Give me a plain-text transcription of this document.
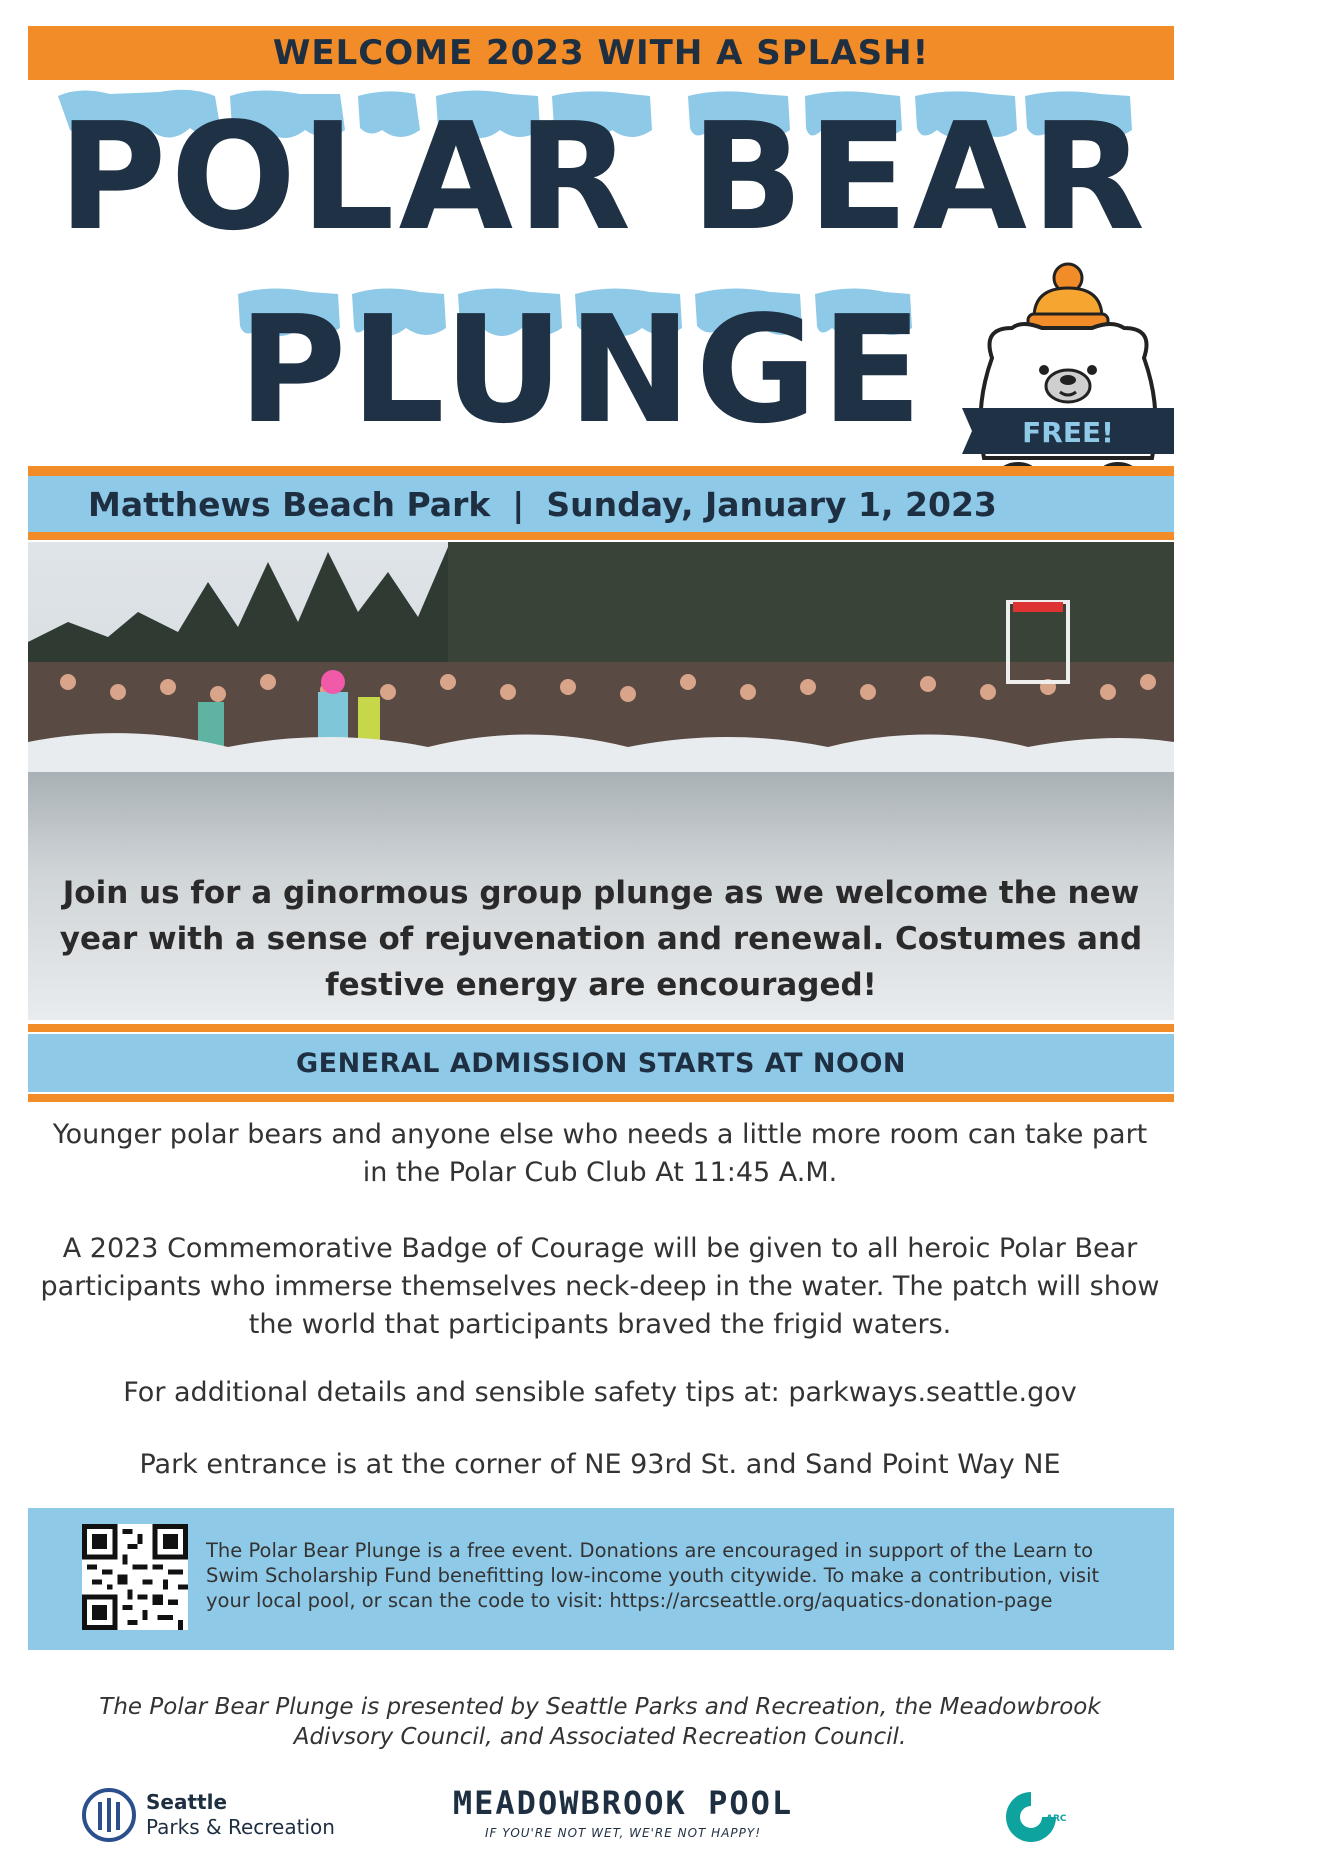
WELCOME 2023 WITH A SPLASH!
POLAR BEAR
PLUNGE	FREE!
Matthews Beach Park | Sunday, January 1, 2023
Join us for a ginormous group plunge as we welcome the new year with a sense of rejuvenation and renewal. Costumes and festive energy are encouraged!
GENERAL ADMISSION STARTS AT NOON
Younger polar bears and anyone else who needs a little more room can take part in the Polar Cub Club At 11:45 A.M.
A 2023 Commemorative Badge of Courage will be given to all heroic Polar Bear participants who immerse themselves neck-deep in the water. The patch will show the world that participants braved the frigid waters.
For additional details and sensible safety tips at: parkways.seattle.gov
Park entrance is at the corner of NE 93rd St. and Sand Point Way NE
The Polar Bear Plunge is a free event. Donations are encouraged in support of the Learn to Swim Scholarship Fund benefitting low-income youth citywide. To make a contribution, visit your local pool, or scan the code to visit: https://arcseattle.org/aquatics-donation-page
The Polar Bear Plunge is presented by Seattle Parks and Recreation, the Meadowbrook Adivsory Council, and Associated Recreation Council.
Seattle
Parks & Recreation
MEADOWBROOK POOL
IF YOU'RE NOT WET, WE'RE NOT HAPPY!
ARC
